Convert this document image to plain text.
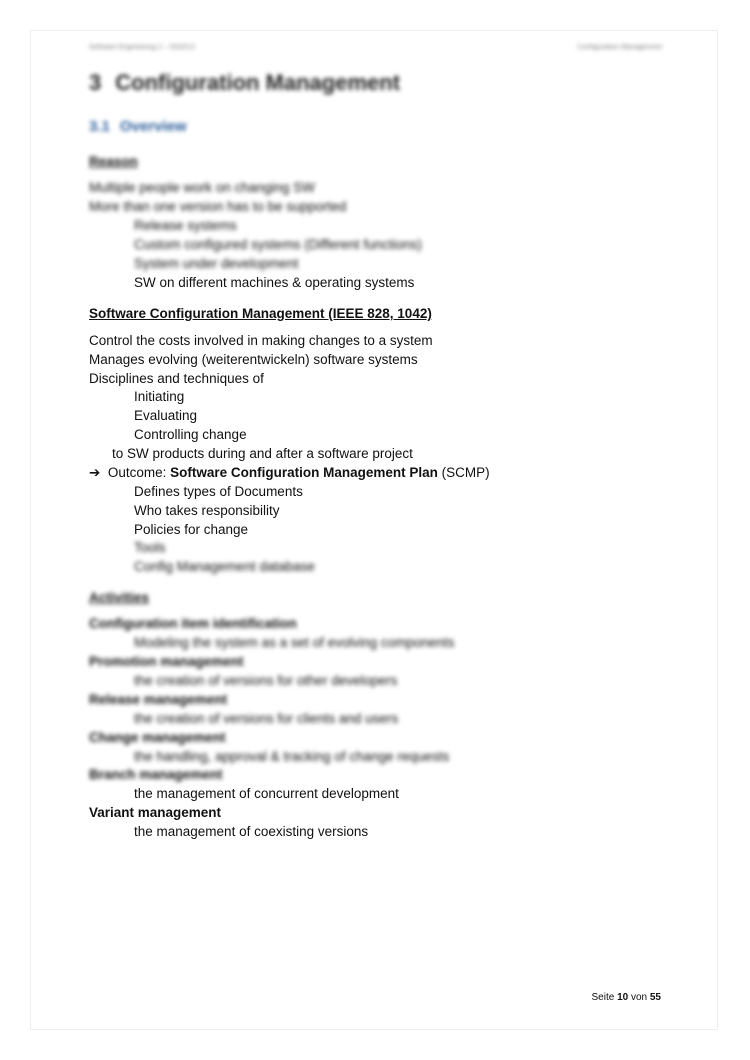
Software Engineering 2 – SS2013	Configuration Management
3 Configuration Management
3.1 Overview
Reason
Multiple people work on changing SW
More than one version has to be supported
Release systems
Custom configured systems (Different functions)
System under development
SW on different machines & operating systems
Software Configuration Management (IEEE 828, 1042)
Control the costs involved in making changes to a system
Manages evolving (weiterentwickeln) software systems
Disciplines and techniques of
Initiating
Evaluating
Controlling change
to SW products during and after a software project
➔ Outcome: Software Configuration Management Plan (SCMP)
Defines types of Documents
Who takes responsibility
Policies for change
Tools
Config Management database
Activities
Configuration item identification
Modeling the system as a set of evolving components
Promotion management
the creation of versions for other developers
Release management
the creation of versions for clients and users
Change management
the handling, approval & tracking of change requests
Branch management
the management of concurrent development
Variant management
the management of coexisting versions
Seite 10 von 55
